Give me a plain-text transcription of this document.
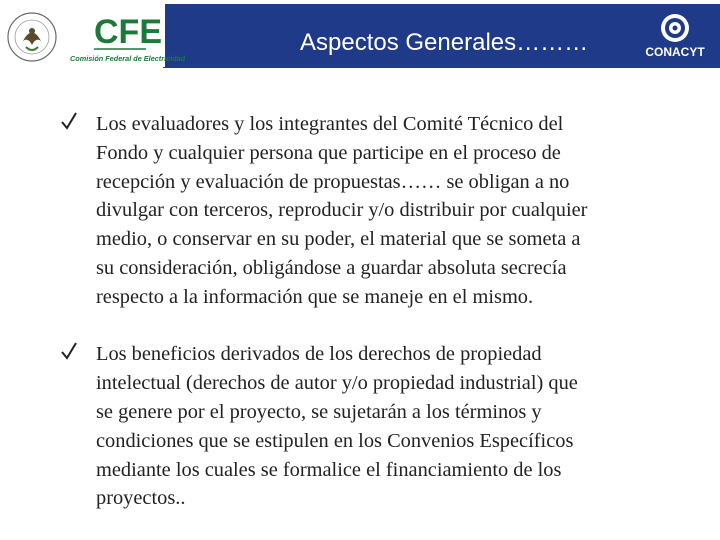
Aspectos Generales………
CFE
Comisión Federal de Electricidad	CONACYT
Los evaluadores y los integrantes del Comité Técnico del
Fondo y cualquier persona que participe en el proceso de
recepción y evaluación de propuestas…… se obligan a no
divulgar con terceros, reproducir y/o distribuir por cualquier
medio, o conservar en su poder, el material que se someta a
su consideración, obligándose a guardar absoluta secrecía
respecto a la información que se maneje en el mismo.
Los beneficios derivados de los derechos de propiedad
intelectual (derechos de autor y/o propiedad industrial) que
se genere por el proyecto, se sujetarán a los términos y
condiciones que se estipulen en los Convenios Específicos
mediante los cuales se formalice el financiamiento de los
proyectos..
